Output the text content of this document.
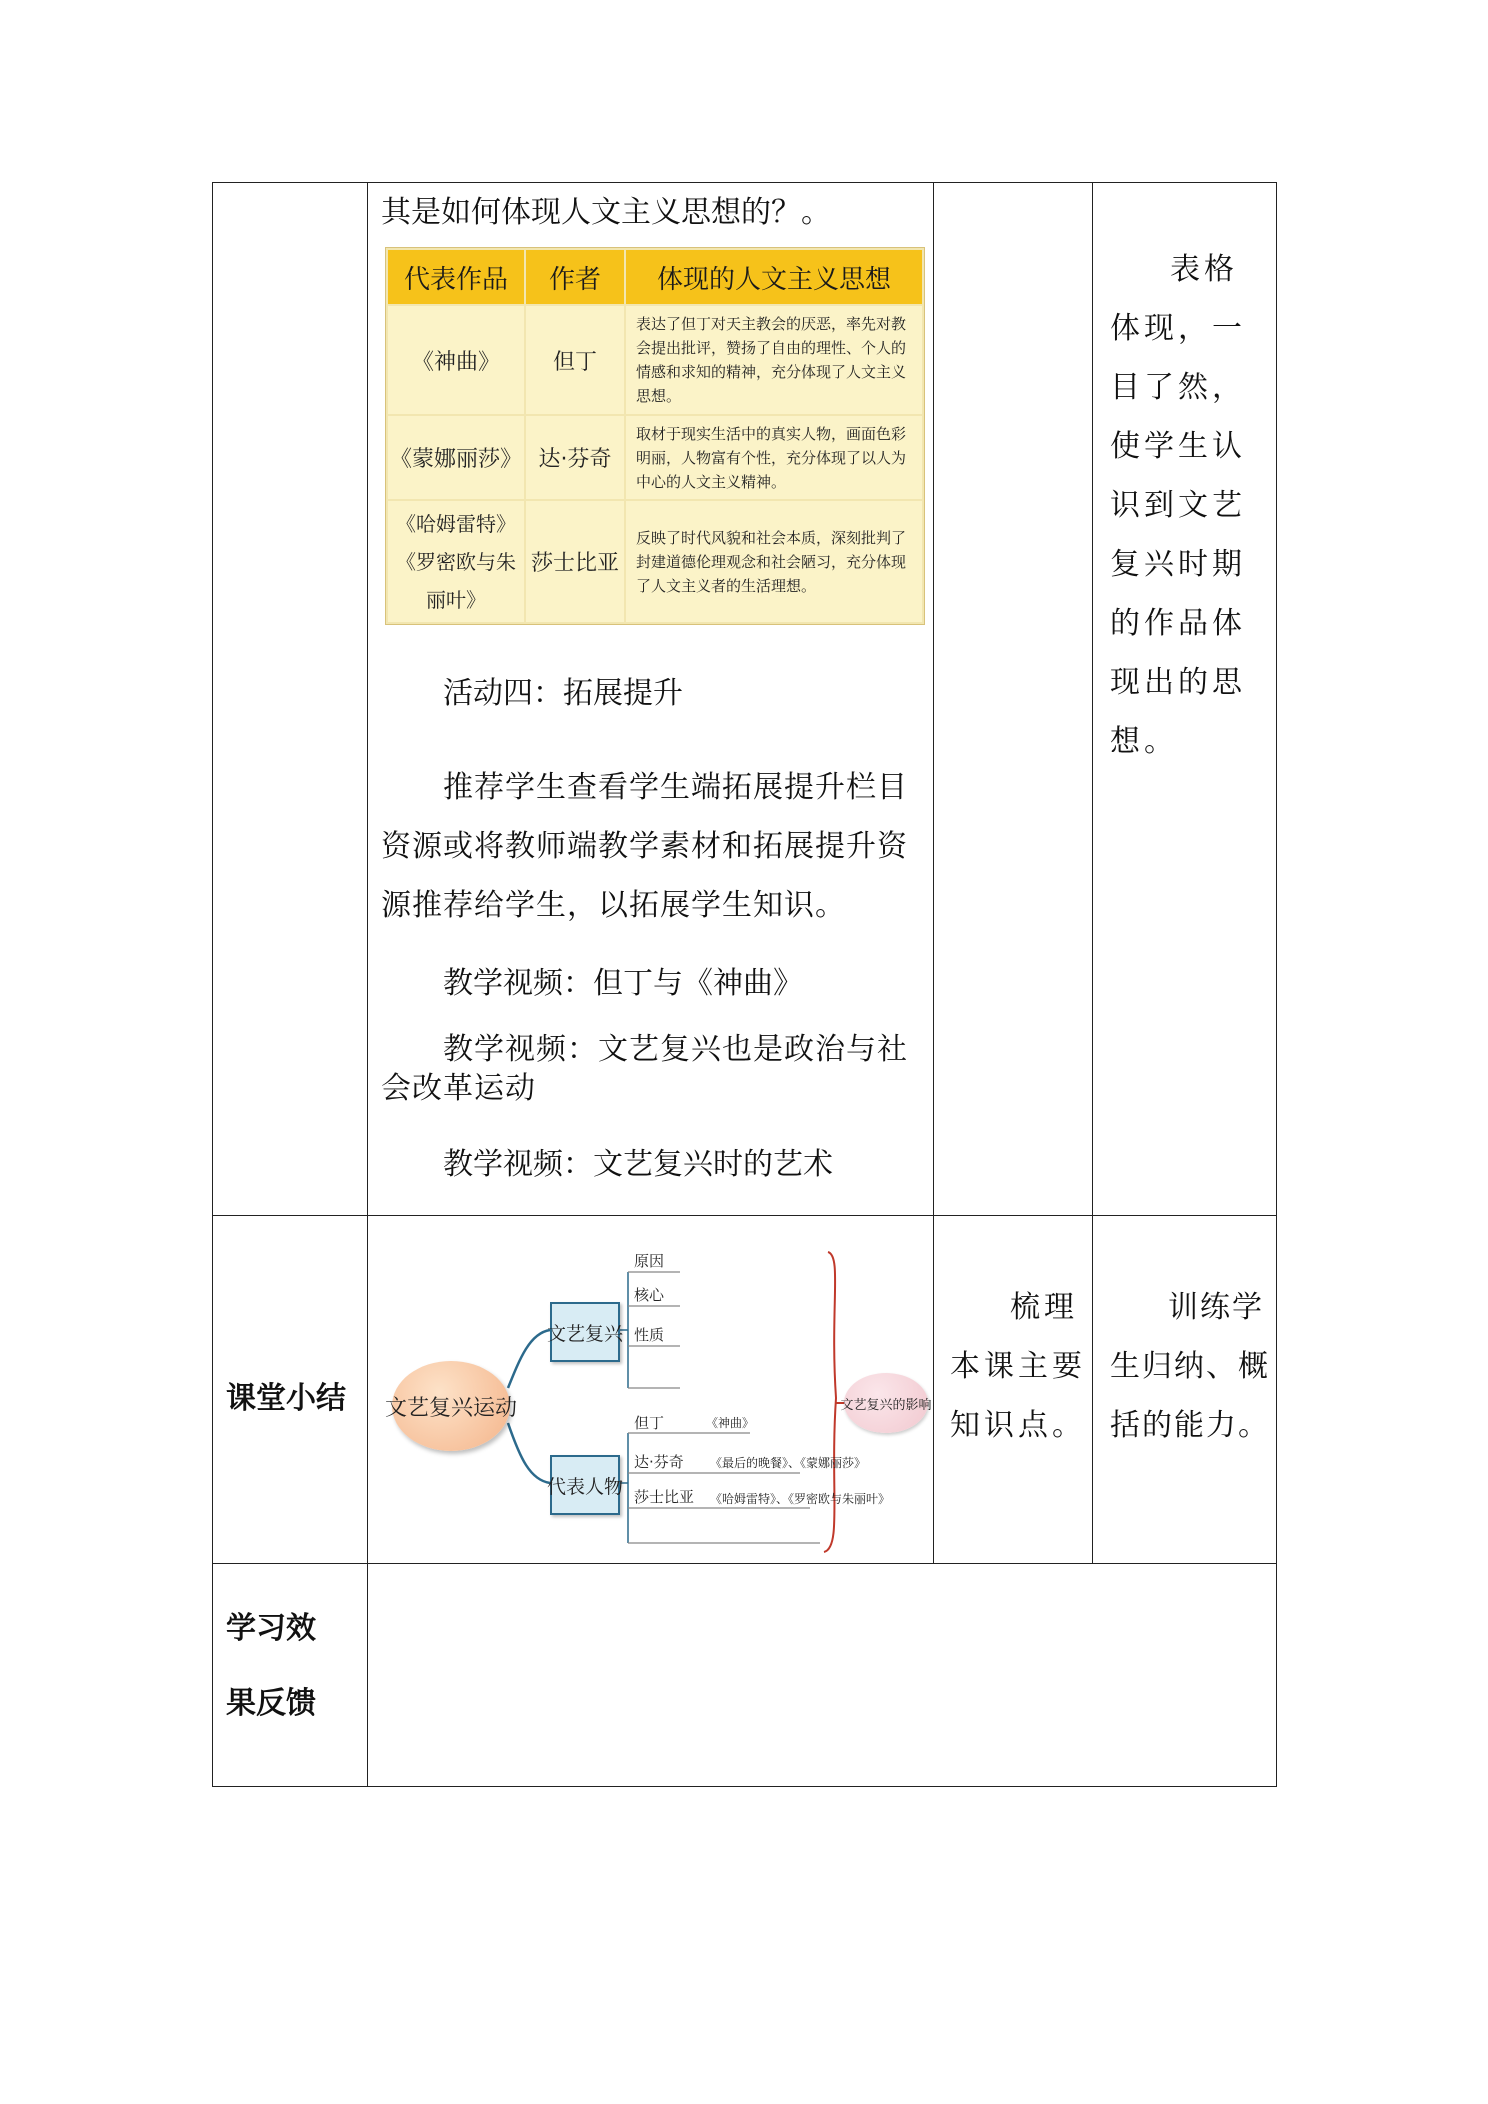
其是如何体现人文主义思想的？。
代表作品	作者	体现的人文主义思想

《神曲》	但丁	表达了但丁对天主教会的厌恶，率先对教会提出批评，赞扬了自由的理性、个人的情感和求知的精神，充分体现了人文主义思想。

《蒙娜丽莎》	达·芬奇	取材于现实生活中的真实人物，画面色彩明丽，人物富有个性，充分体现了以人为中心的人文主义精神。

《哈姆雷特》
《罗密欧与朱丽叶》	莎士比亚	反映了时代风貌和社会本质，深刻批判了封建道德伦理观念和社会陋习，充分体现了人文主义者的生活理想。
活动四：拓展提升
推荐学生查看学生端拓展提升栏目资源或将教师端教学素材和拓展提升资源推荐给学生，以拓展学生知识。
教学视频：但丁与《神曲》
教学视频：文艺复兴也是政治与社会改革运动
教学视频：文艺复兴时的艺术
表格体现，一目了然，使学生认识到文艺复兴时期的作品体现出的思想。
课堂小结 文艺复兴运动
文艺复兴
代表人物
原因
核心
性质
但丁	《神曲》
达·芬奇 《最后的晚餐》、《蒙娜丽莎》
莎士比亚 《哈姆雷特》、《罗密欧与朱丽叶》
文艺复兴的影响
梳理本课主要知识点。
训练学生归纳、概括的能力。
学习效
果反馈
